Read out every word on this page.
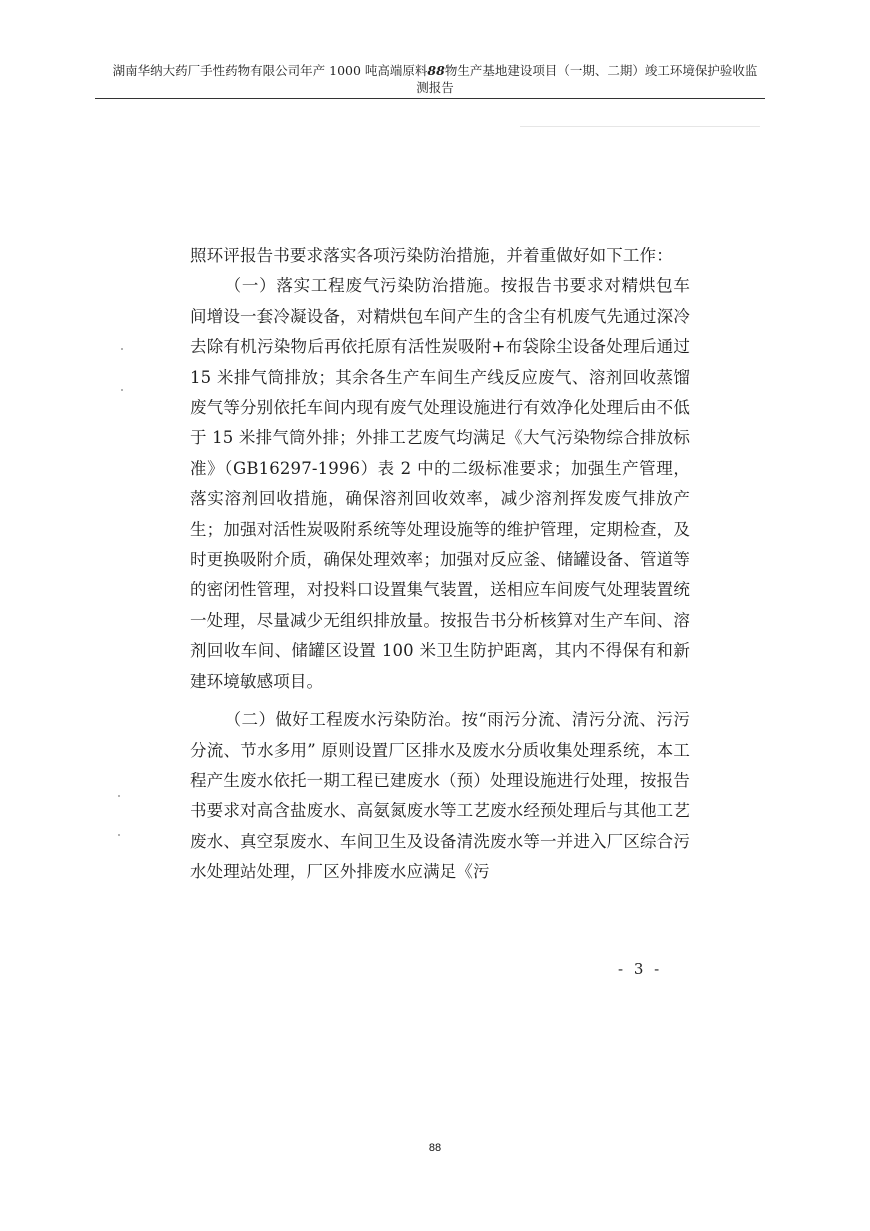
湖南华纳大药厂手性药物有限公司年产 1000 吨高端原料88物生产基地建设项目（一期、二期）竣工环境保护验收监
测报告

照环评报告书要求落实各项污染防治措施，并着重做好如下工作：

（一）落实工程废气污染防治措施。按报告书要求对精烘包车间增设一套冷凝设备，对精烘包车间产生的含尘有机废气先通过深冷去除有机污染物后再依托原有活性炭吸附+布袋除尘设备处理后通过 15 米排气筒排放；其余各生产车间生产线反应废气、溶剂回收蒸馏废气等分别依托车间内现有废气处理设施进行有效净化处理后由不低于 15 米排气筒外排；外排工艺废气均满足《大气污染物综合排放标准》（GB16297-1996）表 2 中的二级标准要求；加强生产管理，落实溶剂回收措施，确保溶剂回收效率，减少溶剂挥发废气排放产生；加强对活性炭吸附系统等处理设施等的维护管理，定期检查，及时更换吸附介质，确保处理效率；加强对反应釜、储罐设备、管道等的密闭性管理，对投料口设置集气装置，送相应车间废气处理装置统一处理，尽量减少无组织排放量。按报告书分析核算对生产车间、溶剂回收车间、储罐区设置 100 米卫生防护距离，其内不得保有和新建环境敏感项目。

（二）做好工程废水污染防治。按“雨污分流、清污分流、污污分流、节水多用” 原则设置厂区排水及废水分质收集处理系统，本工程产生废水依托一期工程已建废水（预）处理设施进行处理，按报告书要求对高含盐废水、高氨氮废水等工艺废水经预处理后与其他工艺废水、真空泵废水、车间卫生及设备清洗废水等一并进入厂区综合污水处理站处理，厂区外排废水应满足《污

- 3 -
88
